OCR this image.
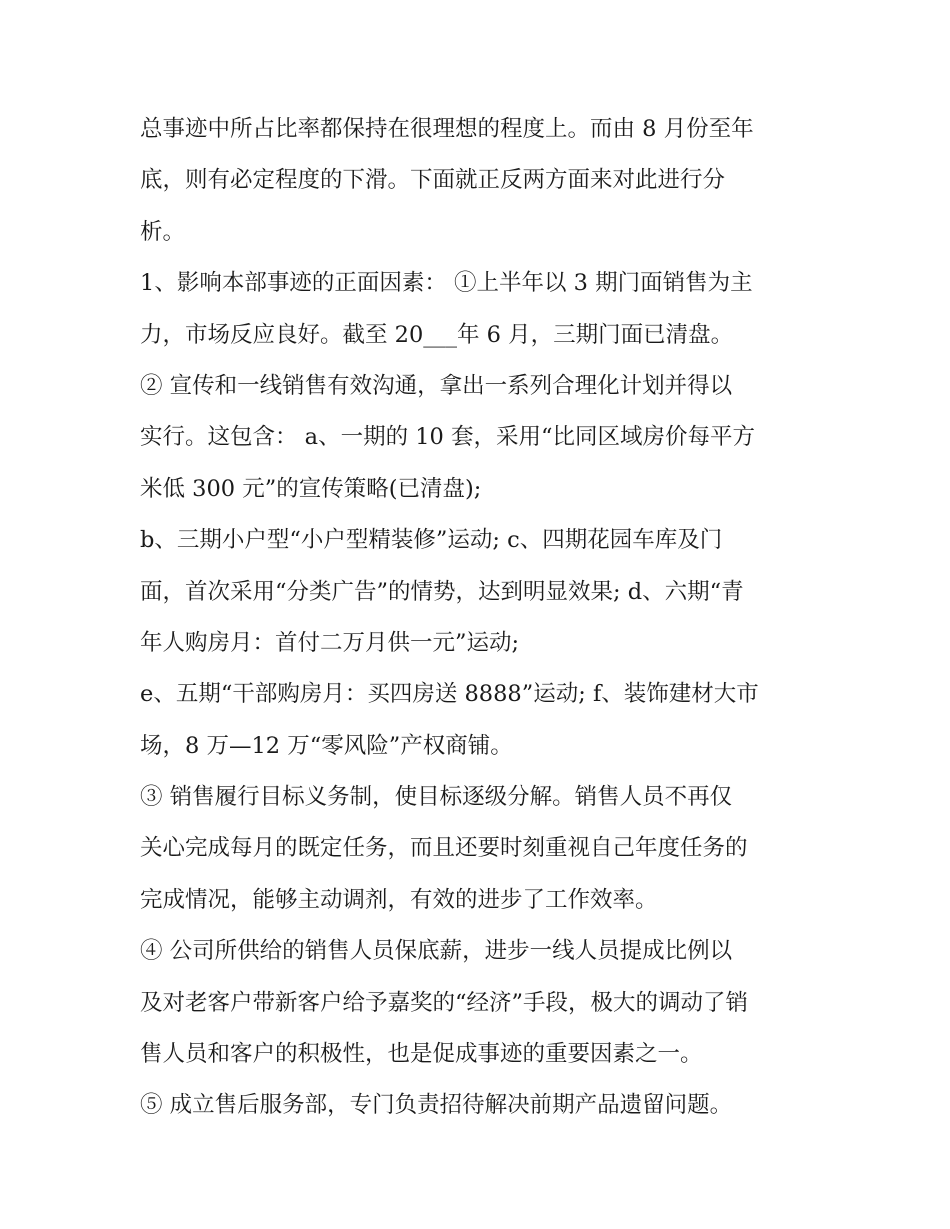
总事迹中所占比率都保持在很理想的程度上。而由 8 月份至年
底，则有必定程度的下滑。下面就正反两方面来对此进行分
析。
1、影响本部事迹的正面因素： ①上半年以 3 期门面销售为主
力，市场反应良好。截至 20___年 6 月，三期门面已清盘。
② 宣传和一线销售有效沟通，拿出一系列合理化计划并得以
实行。这包含： a、一期的 10 套，采用“比同区域房价每平方
米低 300 元”的宣传策略(已清盘);
b、三期小户型“小户型精装修”运动; c、四期花园车库及门
面，首次采用“分类广告”的情势，达到明显效果; d、六期“青
年人购房月：首付二万月供一元”运动;
e、五期“干部购房月：买四房送 8888”运动; f、装饰建材大市
场，8 万—12 万“零风险”产权商铺。
③ 销售履行目标义务制，使目标逐级分解。销售人员不再仅
关心完成每月的既定任务，而且还要时刻重视自己年度任务的
完成情况，能够主动调剂，有效的进步了工作效率。
④ 公司所供给的销售人员保底薪，进步一线人员提成比例以
及对老客户带新客户给予嘉奖的“经济”手段，极大的调动了销
售人员和客户的积极性，也是促成事迹的重要因素之一。
⑤ 成立售后服务部，专门负责招待解决前期产品遗留问题。
